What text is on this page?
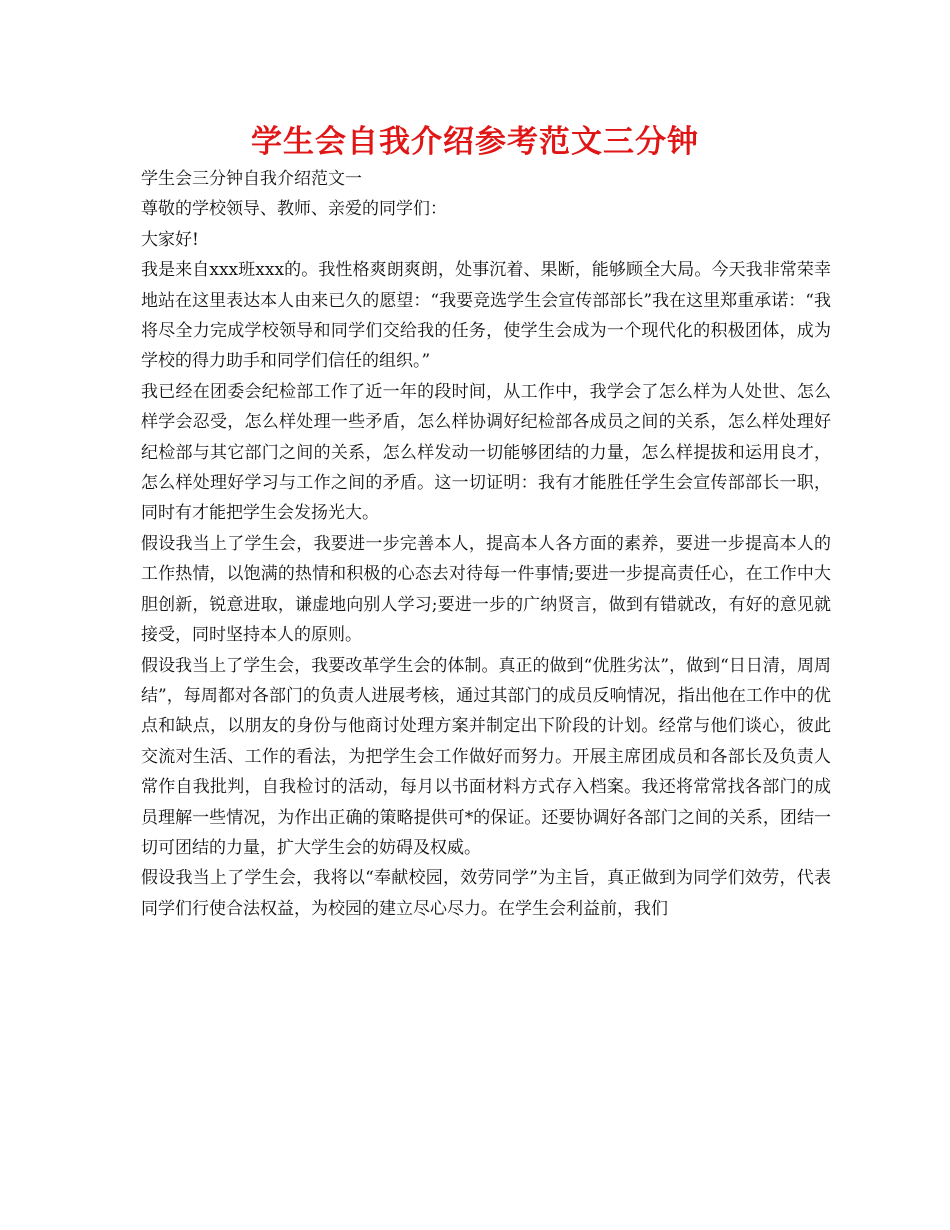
学生会自我介绍参考范文三分钟

学生会三分钟自我介绍范文一

尊敬的学校领导、教师、亲爱的同学们：

大家好!

我是来自xxx班xxx的。我性格爽朗爽朗，处事沉着、果断，能够顾全大局。今天我非常荣幸地站在这里表达本人由来已久的愿望：“我要竞选学生会宣传部部长”我在这里郑重承诺：“我将尽全力完成学校领导和同学们交给我的任务，使学生会成为一个现代化的积极团体，成为学校的得力助手和同学们信任的组织。”

我已经在团委会纪检部工作了近一年的段时间，从工作中，我学会了怎么样为人处世、怎么样学会忍受，怎么样处理一些矛盾，怎么样协调好纪检部各成员之间的关系，怎么样处理好纪检部与其它部门之间的关系，怎么样发动一切能够团结的力量，怎么样提拔和运用良才，怎么样处理好学习与工作之间的矛盾。这一切证明：我有才能胜任学生会宣传部部长一职，同时有才能把学生会发扬光大。

假设我当上了学生会，我要进一步完善本人，提高本人各方面的素养，要进一步提高本人的工作热情，以饱满的热情和积极的心态去对待每一件事情;要进一步提高责任心，在工作中大胆创新，锐意进取，谦虚地向别人学习;要进一步的广纳贤言，做到有错就改，有好的意见就接受，同时坚持本人的原则。

假设我当上了学生会，我要改革学生会的体制。真正的做到“优胜劣汰”，做到“日日清，周周结”，每周都对各部门的负责人进展考核，通过其部门的成员反响情况，指出他在工作中的优点和缺点，以朋友的身份与他商讨处理方案并制定出下阶段的计划。经常与他们谈心，彼此交流对生活、工作的看法，为把学生会工作做好而努力。开展主席团成员和各部长及负责人常作自我批判，自我检讨的活动，每月以书面材料方式存入档案。我还将常常找各部门的成员理解一些情况，为作出正确的策略提供可*的保证。还要协调好各部门之间的关系，团结一切可团结的力量，扩大学生会的妨碍及权威。

假设我当上了学生会，我将以“奉献校园，效劳同学”为主旨，真正做到为同学们效劳，代表同学们行使合法权益，为校园的建立尽心尽力。在学生会利益前，我们
